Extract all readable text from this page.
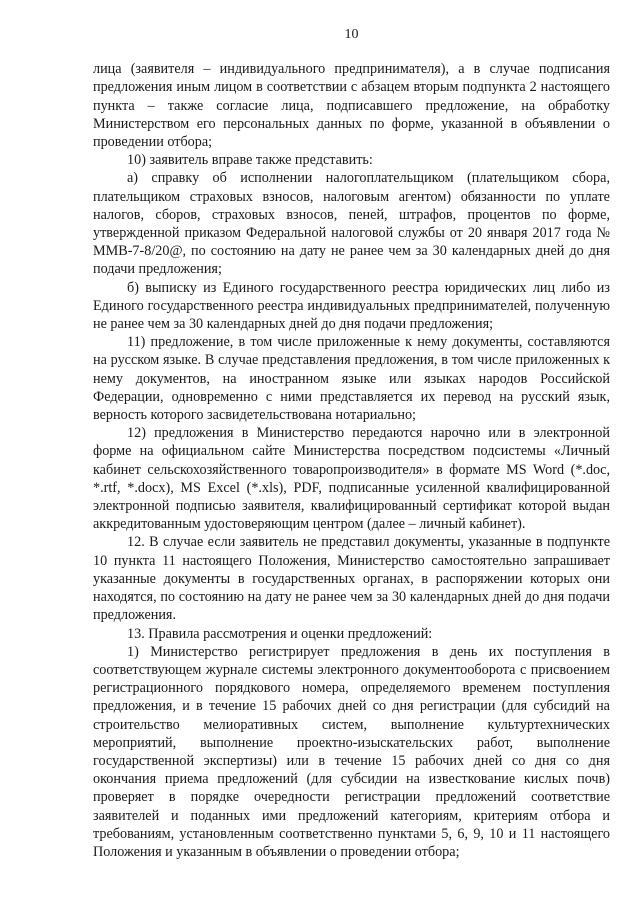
10

лица (заявителя – индивидуального предпринимателя), а в случае подписания предложения иным лицом в соответствии с абзацем вторым подпункта 2 настоящего пункта – также согласие лица, подписавшего предложение, на обработку Министерством его персональных данных по форме, указанной в объявлении о проведении отбора;

10) заявитель вправе также представить:

а) справку об исполнении налогоплательщиком (плательщиком сбора, плательщиком страховых взносов, налоговым агентом) обязанности по уплате налогов, сборов, страховых взносов, пеней, штрафов, процентов по форме, утвержденной приказом Федеральной налоговой службы от 20 января 2017 года № ММВ-7-8/20@, по состоянию на дату не ранее чем за 30 календарных дней до дня подачи предложения;

б) выписку из Единого государственного реестра юридических лиц либо из Единого государственного реестра индивидуальных предпринимателей, полученную не ранее чем за 30 календарных дней до дня подачи предложения;

11) предложение, в том числе приложенные к нему документы, составляются на русском языке. В случае представления предложения, в том числе приложенных к нему документов, на иностранном языке или языках народов Российской Федерации, одновременно с ними представляется их перевод на русский язык, верность которого засвидетельствована нотариально;

12) предложения в Министерство передаются нарочно или в электронной форме на официальном сайте Министерства посредством подсистемы «Личный кабинет сельскохозяйственного товаропроизводителя» в формате MS Word (*.doc, *.rtf, *.docx), MS Excel (*.xls), PDF, подписанные усиленной квалифицированной электронной подписью заявителя, квалифицированный сертификат которой выдан аккредитованным удостоверяющим центром (далее – личный кабинет).

12. В случае если заявитель не представил документы, указанные в подпункте 10 пункта 11 настоящего Положения, Министерство самостоятельно запрашивает указанные документы в государственных органах, в распоряжении которых они находятся, по состоянию на дату не ранее чем за 30 календарных дней до дня подачи предложения.

13. Правила рассмотрения и оценки предложений:

1) Министерство регистрирует предложения в день их поступления в соответствующем журнале системы электронного документооборота с присвоением регистрационного порядкового номера, определяемого временем поступления предложения, и в течение 15 рабочих дней со дня регистрации (для субсидий на строительство мелиоративных систем, выполнение культуртехнических мероприятий, выполнение проектно-изыскательских работ, выполнение государственной экспертизы) или в течение 15 рабочих дней со дня со дня окончания приема предложений (для субсидии на известкование кислых почв) проверяет в порядке очередности регистрации предложений соответствие заявителей и поданных ими предложений категориям, критериям отбора и требованиям, установленным соответственно пунктами 5, 6, 9, 10 и 11 настоящего Положения и указанным в объявлении о проведении отбора;
